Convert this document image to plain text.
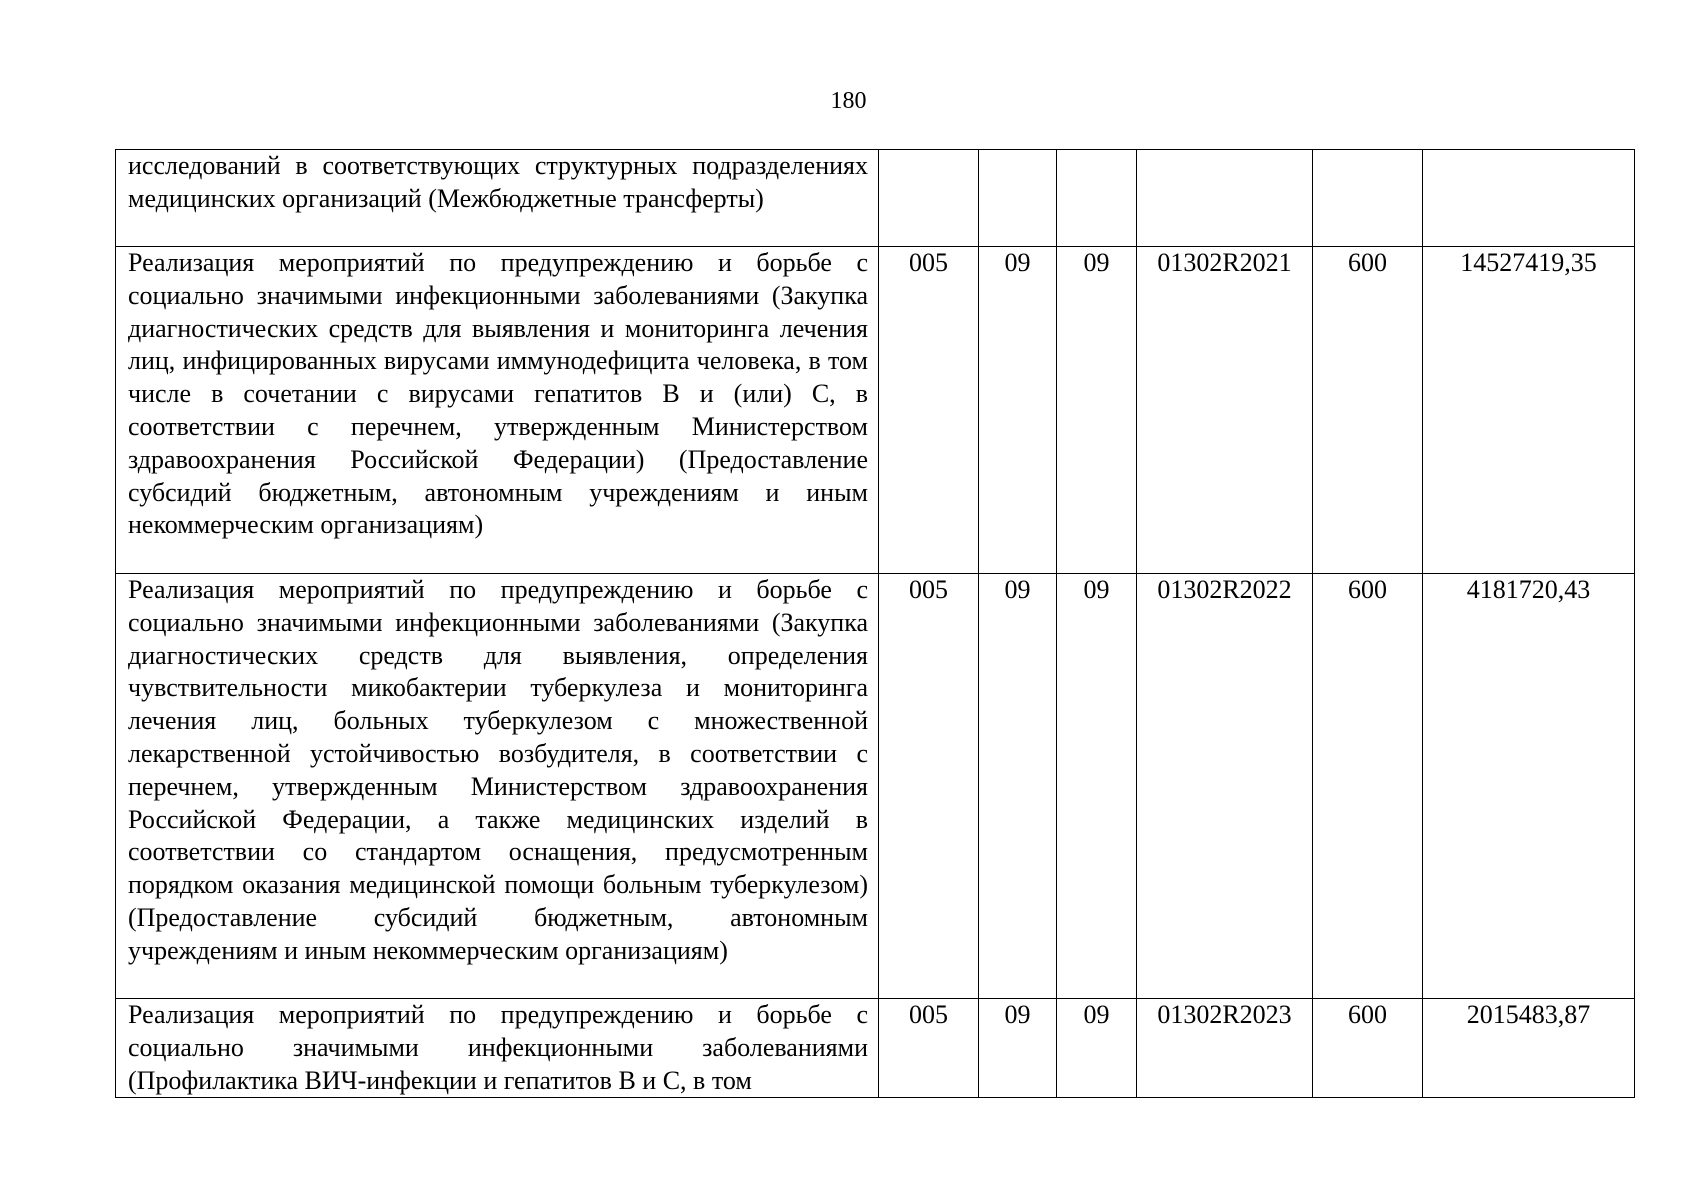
180
исследований в соответствующих структурных подразделениях медицинских организаций (Межбюджетные трансферты)						
Реализация мероприятий по предупреждению и борьбе с социально значимыми инфекционными заболеваниями (Закупка диагностических средств для выявления и мониторинга лечения лиц, инфицированных вирусами иммунодефицита человека, в том числе в сочетании с вирусами гепатитов B и (или) C, в соответствии с перечнем, утвержденным Министерством здравоохранения Российской Федерации) (Предоставление субсидий бюджетным, автономным учреждениям и иным некоммерческим организациям)	005	09	09	01302R2021	600	14527419,35
Реализация мероприятий по предупреждению и борьбе с социально значимыми инфекционными заболеваниями (Закупка диагностических средств для выявления, определения чувствительности микобактерии туберкулеза и мониторинга лечения лиц, больных туберкулезом с множественной лекарственной устойчивостью возбудителя, в соответствии с перечнем, утвержденным Министерством здравоохранения Российской Федерации, а также медицинских изделий в соответствии со стандартом оснащения, предусмотренным порядком оказания медицинской помощи больным туберкулезом) (Предоставление субсидий бюджетным, автономным учреждениям и иным некоммерческим организациям)	005	09	09	01302R2022	600	4181720,43
Реализация мероприятий по предупреждению и борьбе с социально значимыми инфекционными заболеваниями (Профилактика ВИЧ-инфекции и гепатитов B и C, в том	005	09	09	01302R2023	600	2015483,87
